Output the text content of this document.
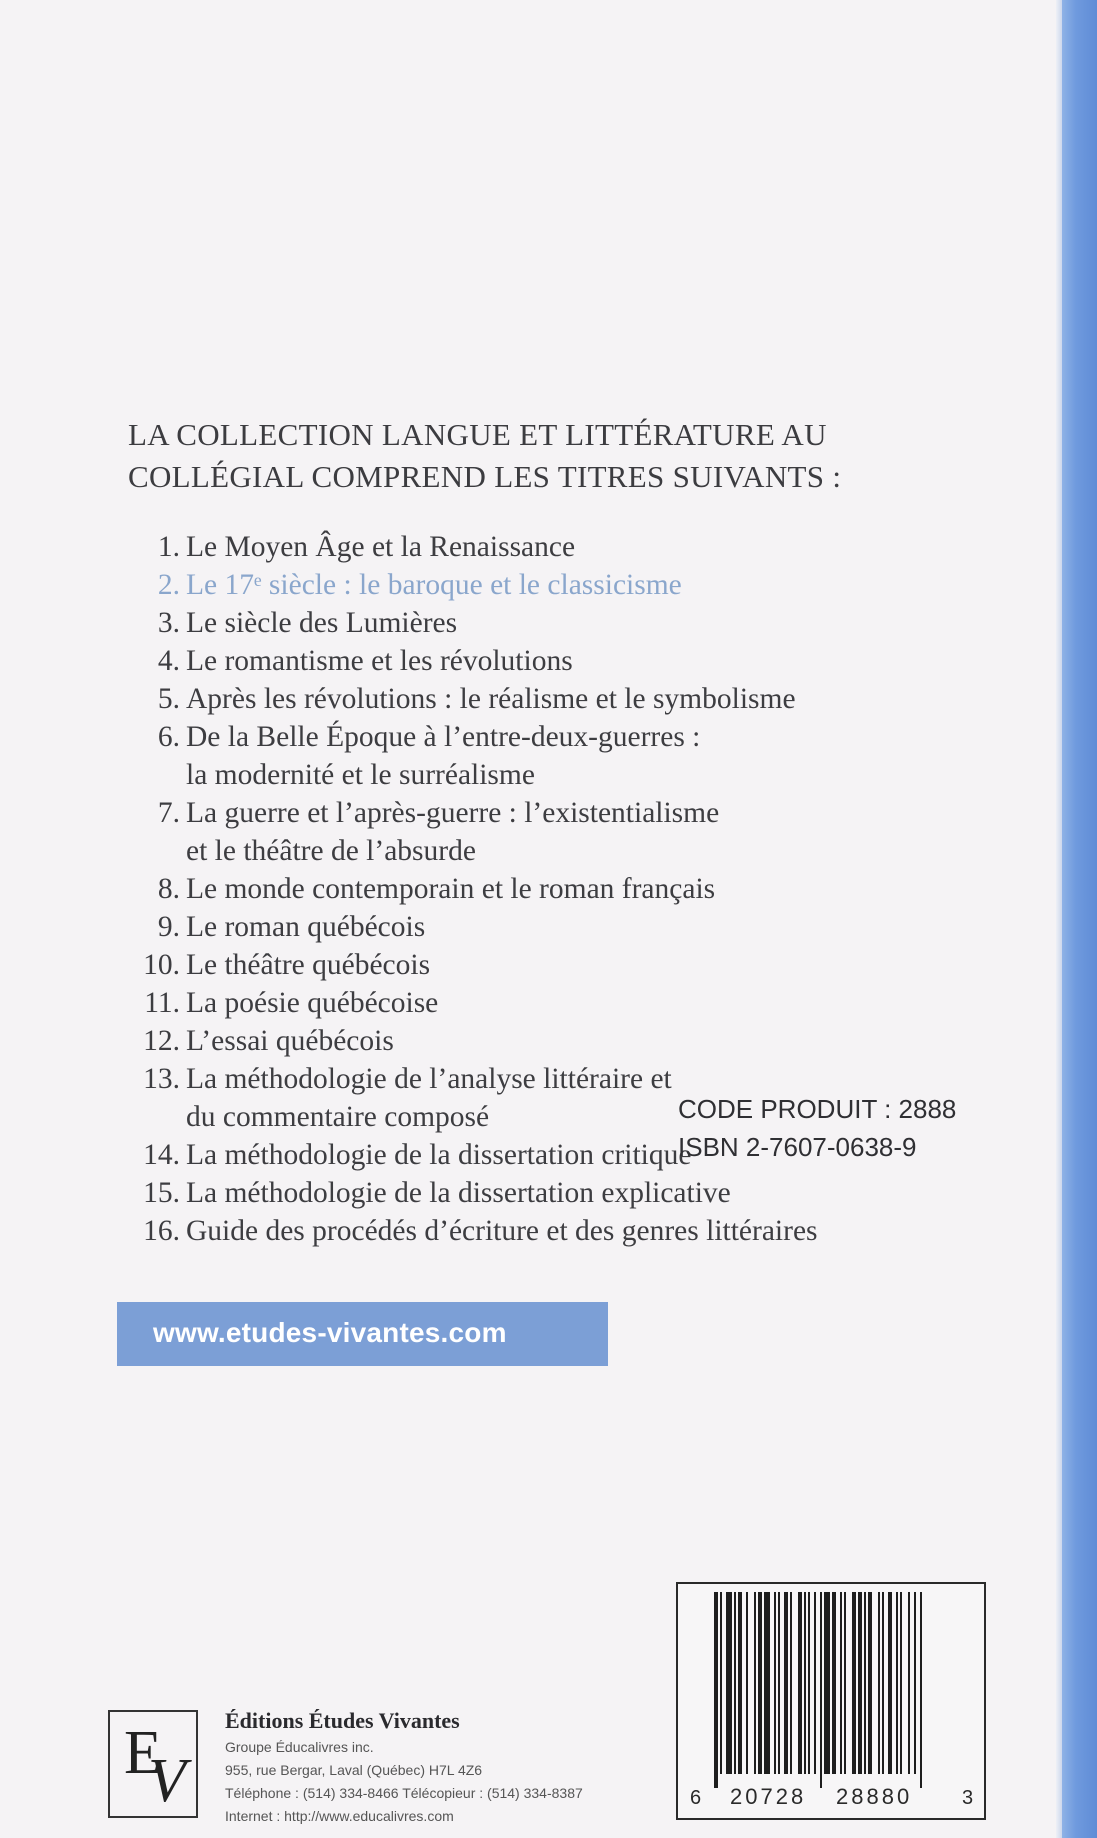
LA COLLECTION LANGUE ET LITTÉRATURE AU
COLLÉGIAL COMPREND LES TITRES SUIVANTS :
1. Le Moyen Âge et la Renaissance
2. Le 17ᵉ siècle : le baroque et le classicisme
3. Le siècle des Lumières
4. Le romantisme et les révolutions
5. Après les révolutions : le réalisme et le symbolisme
6. De la Belle Époque à l’entre-deux-guerres :
la modernité et le surréalisme
7. La guerre et l’après-guerre : l’existentialisme
et le théâtre de l’absurde
8. Le monde contemporain et le roman français
9. Le roman québécois
10. Le théâtre québécois
11. La poésie québécoise
12. L’essai québécois
13. La méthodologie de l’analyse littéraire et
du commentaire composé
14. La méthodologie de la dissertation critique
15. La méthodologie de la dissertation explicative
16. Guide des procédés d’écriture et des genres littéraires
www.etudes-vivantes.com
CODE PRODUIT : 2888
ISBN 2-7607-0638-9
6 20728 28880 3
E
V
Éditions Études Vivantes
Groupe Éducalivres inc.
955, rue Bergar, Laval (Québec) H7L 4Z6
Téléphone : (514) 334-8466 Télécopieur : (514) 334-8387
Internet : http://www.educalivres.com
